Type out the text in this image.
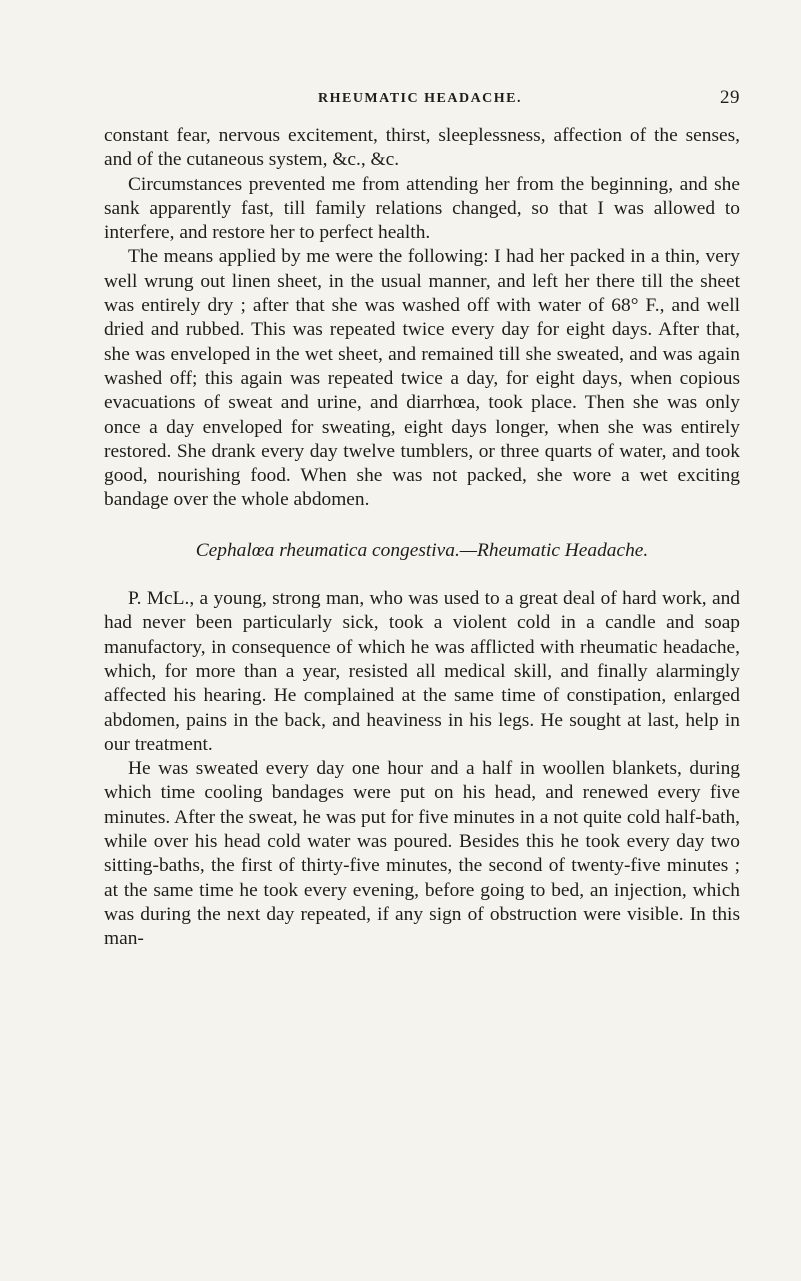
RHEUMATIC HEADACHE.	29

constant fear, nervous excitement, thirst, sleeplessness, affection of the senses, and of the cutaneous system, &c., &c.

Circumstances prevented me from attending her from the beginning, and she sank apparently fast, till family relations changed, so that I was allowed to interfere, and restore her to perfect health.

The means applied by me were the following: I had her packed in a thin, very well wrung out linen sheet, in the usual manner, and left her there till the sheet was entirely dry ; after that she was washed off with water of 68° F., and well dried and rubbed. This was repeated twice every day for eight days. After that, she was enveloped in the wet sheet, and remained till she sweated, and was again washed off; this again was repeated twice a day, for eight days, when copious evacuations of sweat and urine, and diarrhœa, took place. Then she was only once a day enveloped for sweating, eight days longer, when she was entirely restored. She drank every day twelve tumblers, or three quarts of water, and took good, nourishing food. When she was not packed, she wore a wet exciting bandage over the whole abdomen.

Cephalœa rheumatica congestiva.—Rheumatic Headache.

P. McL., a young, strong man, who was used to a great deal of hard work, and had never been particularly sick, took a violent cold in a candle and soap manufactory, in consequence of which he was afflicted with rheumatic headache, which, for more than a year, resisted all medical skill, and finally alarmingly affected his hearing. He complained at the same time of constipation, enlarged abdomen, pains in the back, and heaviness in his legs. He sought at last, help in our treatment.

He was sweated every day one hour and a half in woollen blankets, during which time cooling bandages were put on his head, and renewed every five minutes. After the sweat, he was put for five minutes in a not quite cold half-bath, while over his head cold water was poured. Besides this he took every day two sitting-baths, the first of thirty-five minutes, the second of twenty-five minutes ; at the same time he took every evening, before going to bed, an injection, which was during the next day repeated, if any sign of obstruction were visible. In this man-
